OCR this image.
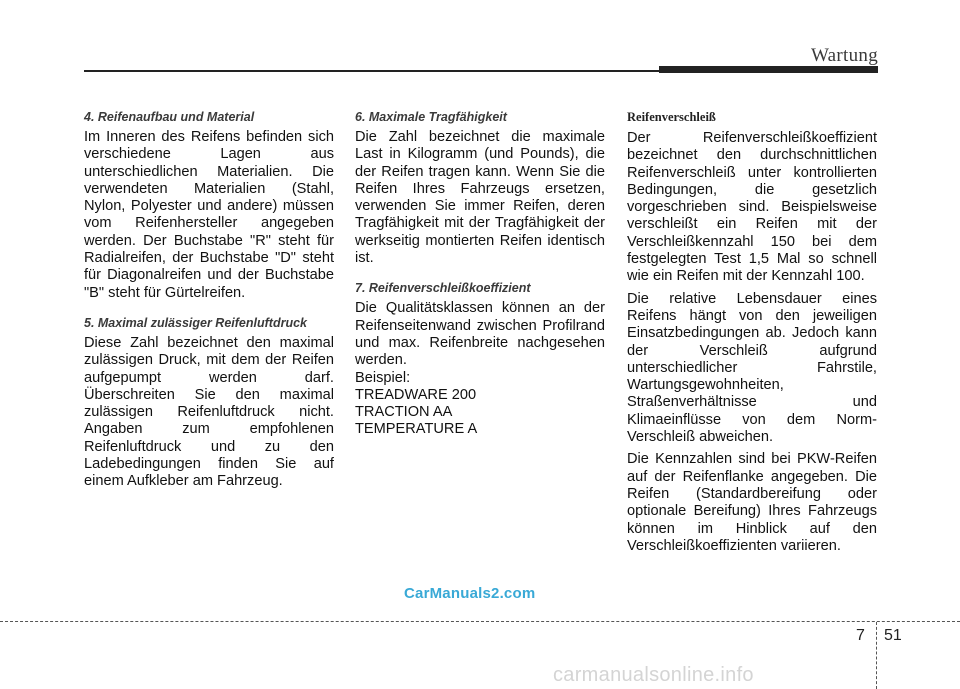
Wartung
4. Reifenaufbau und Material
Im Inneren des Reifens befinden sich verschiedene Lagen aus unterschiedlichen Materialien. Die verwendeten Materialien (Stahl, Nylon, Polyester und andere) müssen vom Reifenhersteller angegeben werden. Der Buchstabe "R" steht für Radialreifen, der Buchstabe "D" steht für Diagonalreifen und der Buchstabe "B" steht für Gürtelreifen.
5. Maximal zulässiger Reifenluftdruck
Diese Zahl bezeichnet den maximal zulässigen Druck, mit dem der Reifen aufgepumpt werden darf. Überschreiten Sie den maximal zulässigen Reifenluftdruck nicht. Angaben zum empfohlenen Reifenluftdruck und zu den Ladebedingungen finden Sie auf einem Aufkleber am Fahrzeug.
6. Maximale Tragfähigkeit
Die Zahl bezeichnet die maximale Last in Kilogramm (und Pounds), die der Reifen tragen kann. Wenn Sie die Reifen Ihres Fahrzeugs ersetzen, verwenden Sie immer Reifen, deren Tragfähigkeit mit der Tragfähigkeit der werkseitig montierten Reifen identisch ist.
7. Reifenverschleißkoeffizient
Die Qualitätsklassen können an der Reifenseitenwand zwischen Profilrand und max. Reifenbreite nachgesehen werden.
Beispiel:
TREADWARE 200
TRACTION AA
TEMPERATURE A
Reifenverschleiß
Der Reifenverschleißkoeffizient bezeichnet den durchschnittlichen Reifenverschleiß unter kontrollierten Bedingungen, die gesetzlich vorgeschrieben sind. Beispielsweise verschleißt ein Reifen mit der Verschleißkennzahl 150 bei dem festgelegten Test 1,5 Mal so schnell wie ein Reifen mit der Kennzahl 100.
Die relative Lebensdauer eines Reifens hängt von den jeweiligen Einsatzbedingungen ab. Jedoch kann der Verschleiß aufgrund unterschiedlicher Fahrstile, Wartungsgewohnheiten, Straßenverhältnisse und Klimaeinflüsse von dem Norm-Verschleiß abweichen.
Die Kennzahlen sind bei PKW-Reifen auf der Reifenflanke angegeben. Die Reifen (Standardbereifung oder optionale Bereifung) Ihres Fahrzeugs können im Hinblick auf den Verschleißkoeffizienten variieren.
CarManuals2.com
7 51
carmanualsonline.info
